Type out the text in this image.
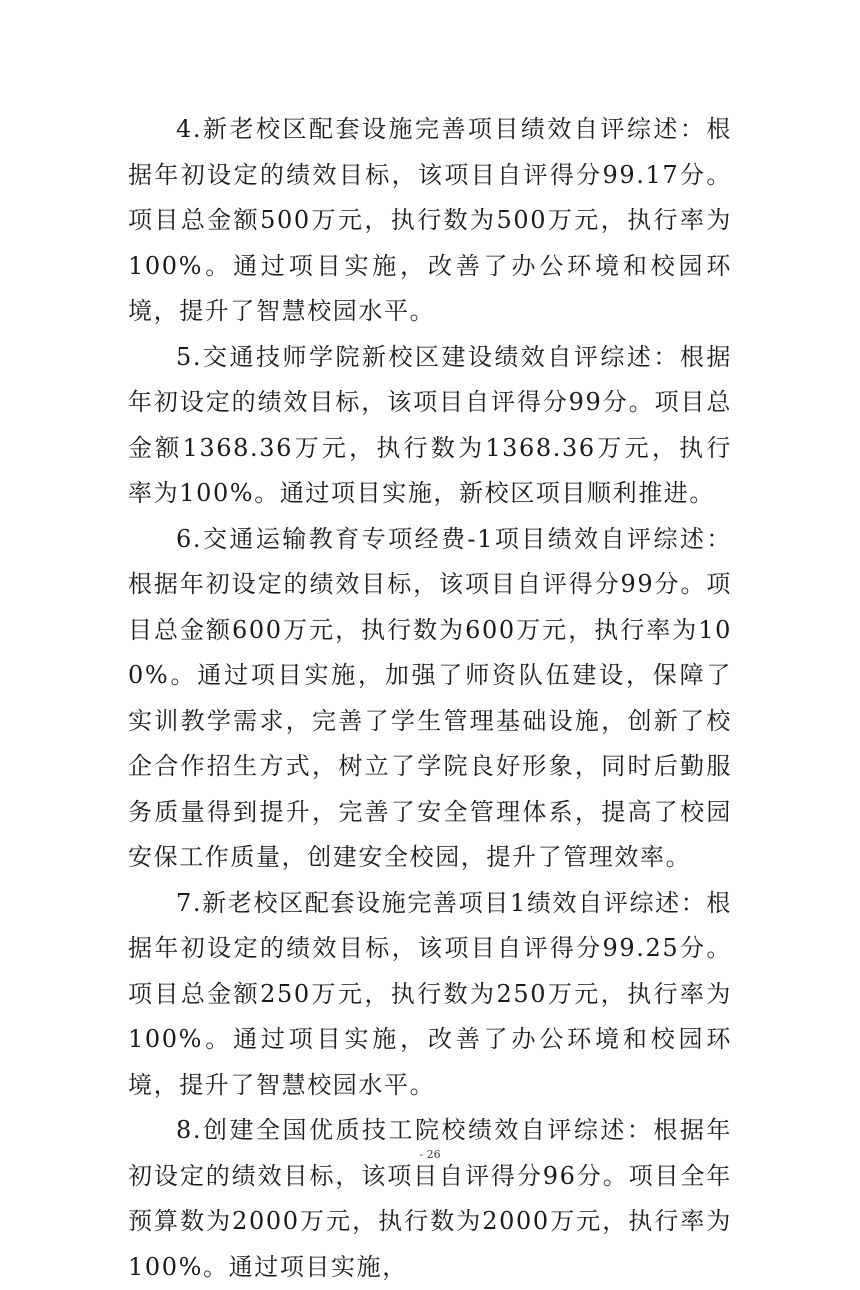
4.新老校区配套设施完善项目绩效自评综述：根据年初设定的绩效目标，该项目自评得分99.17分。项目总金额500万元，执行数为500万元，执行率为100%。通过项目实施，改善了办公环境和校园环境，提升了智慧校园水平。

5.交通技师学院新校区建设绩效自评综述：根据年初设定的绩效目标，该项目自评得分99分。项目总金额1368.36万元，执行数为1368.36万元，执行率为100%。通过项目实施，新校区项目顺利推进。

6.交通运输教育专项经费-1项目绩效自评综述：根据年初设定的绩效目标，该项目自评得分99分。项目总金额600万元，执行数为600万元，执行率为100%。通过项目实施，加强了师资队伍建设，保障了实训教学需求，完善了学生管理基础设施，创新了校企合作招生方式，树立了学院良好形象，同时后勤服务质量得到提升，完善了安全管理体系，提高了校园安保工作质量，创建安全校园，提升了管理效率。

7.新老校区配套设施完善项目1绩效自评综述：根据年初设定的绩效目标，该项目自评得分99.25分。项目总金额250万元，执行数为250万元，执行率为100%。通过项目实施，改善了办公环境和校园环境，提升了智慧校园水平。

8.创建全国优质技工院校绩效自评综述：根据年初设定的绩效目标，该项目自评得分96分。项目全年预算数为2000万元，执行数为2000万元，执行率为100%。通过项目实施，

- 26
